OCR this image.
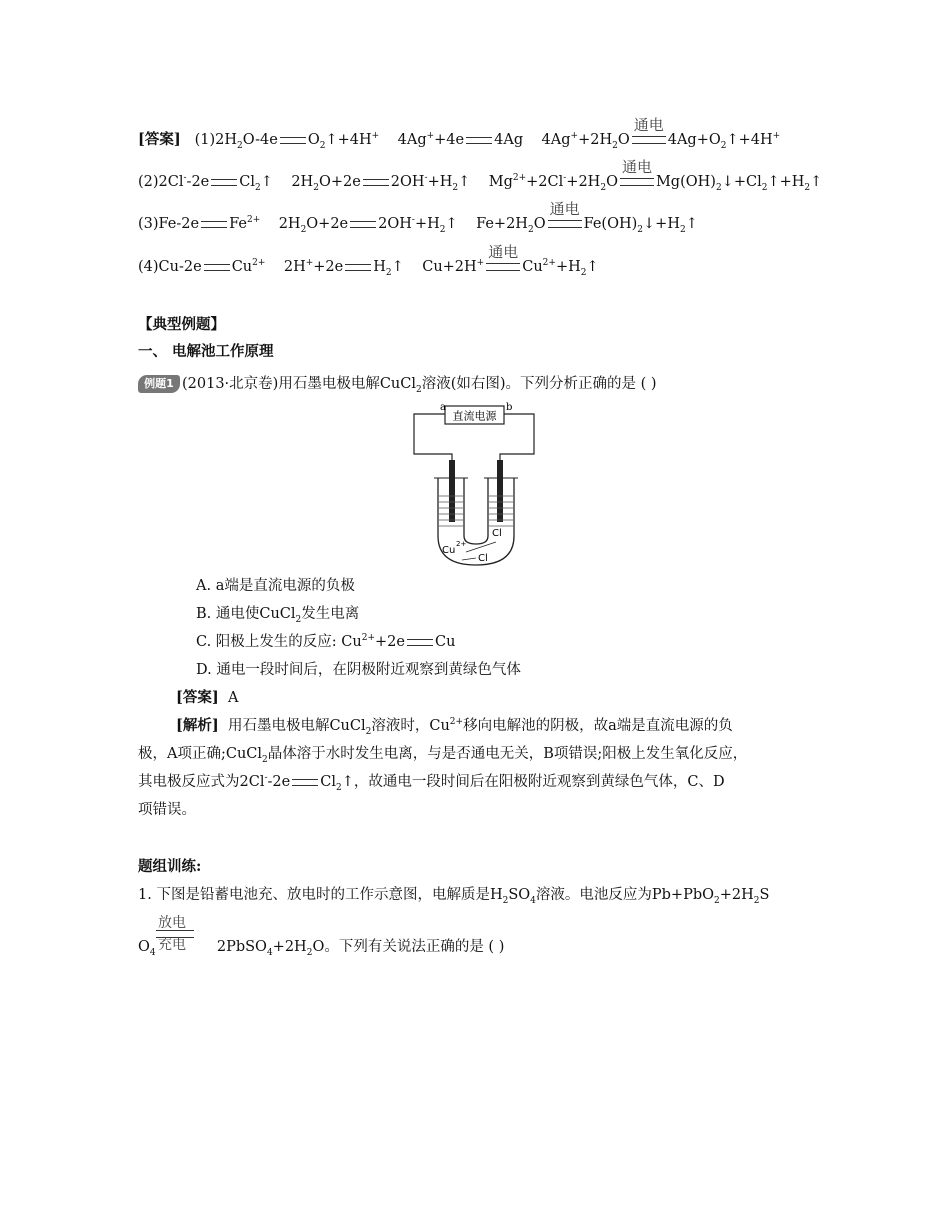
[答案] $(1)2H_2O-4e$ $O_2↑+4H^+$ 4Ag++4e 4Ag $4Ag^++2H_2O$
通电
$4Ag+O_2↑+4H^+$
(2)2Cl--2e $Cl_2↑$ $2H_2O+2e$ $2OH^-+H_2↑$ $Mg^{2+}+2Cl^-+2H_2O$
通电
$Mg(OH)_2↓+Cl_2↑+H_2↑$
(3)Fe-2e $Fe^{2+}$ $2H_2O+2e$ $2OH^-+H_2↑$ $Fe+2H_2O$
通电
$Fe(OH)_2↓+H_2↑$
(4)Cu-2e $Cu^{2+}$ 2H++2e $H_2↑$ Cu+2H+
通电
$Cu^{2+}+H_2↑$
【典型例题】
一、 电解池工作原理
例题1 (2013·北京卷)用石墨电极电解CuCl$_2$溶液(如右图)。下列分析正确的是 ( )
直流电源
a	b
Cu
2+
Cl
Cl
A. a端是直流电源的负极
B. 通电使CuCl$_2$发生电离
C. 阳极上发生的反应: $Cu^{2+}+2e$ Cu
D. 通电一段时间后，在阴极附近观察到黄绿色气体
[答案] A
[解析] 用石墨电极电解CuCl$_2$溶液时，$Cu^{2+}$移向电解池的阴极，故a端是直流电源的负
极，A项正确;CuCl$_2$晶体溶于水时发生电离，与是否通电无关，B项错误;阳极上发生氧化反应，
其电极反应式为2Cl--2e $Cl_2↑$，故通电一段时间后在阳极附近观察到黄绿色气体，C、D
项错误。
题组训练:
1. 下图是铅蓄电池充、放电时的工作示意图，电解质是$H_2SO_4$溶液。电池反应为$Pb+PbO_2+2H_2S$
$O_4$	$2PbSO_4+2H_2O$。下列有关说法正确的是 ( )
放电
充电
